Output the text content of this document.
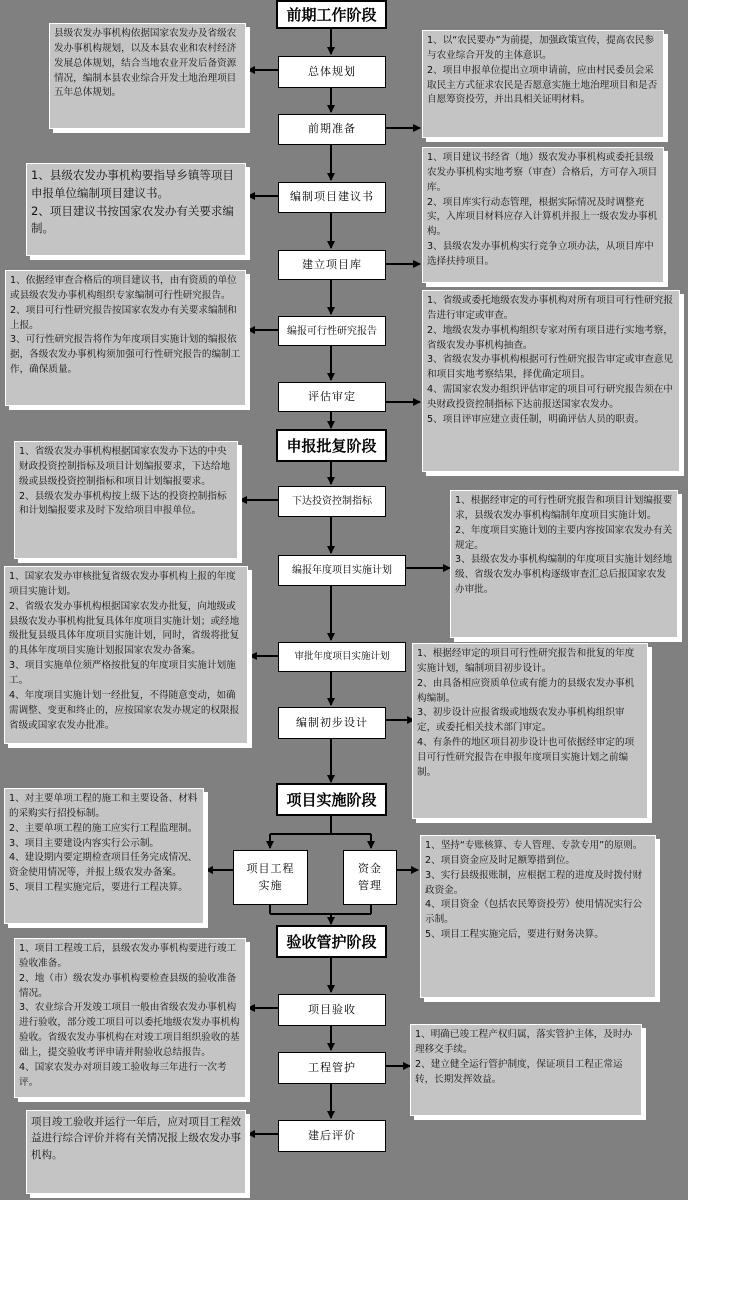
前期工作阶段
申报批复阶段
项目实施阶段
验收管护阶段
总体规划
前期准备
编制项目建议书
建立项目库
编报可行性研究报告
评估审定
下达投资控制指标
编报年度项目实施计划
审批年度项目实施计划
编制初步设计
项目工程实施
资金管理
项目验收
工程管护
建后评价

县级农发办事机构依据国家农发办及省级农发办事机构规划，以及本县农业和农村经济发展总体规划，结合当地农业开发后备资源情况，编制本县农业综合开发土地治理项目五年总体规划。

1、以“农民要办”为前提，加强政策宣传，提高农民参与农业综合开发的主体意识。

2、项目申报单位提出立项申请前，应由村民委员会采取民主方式征求农民是否愿意实施土地治理项目和是否自愿筹资投劳，并出具相关证明材料。

1、县级农发办事机构要指导乡镇等项目申报单位编制项目建议书。

2、项目建议书按国家农发办有关要求编制。

1、项目建议书经省（地）级农发办事机构或委托县级农发办事机构实地考察（审查）合格后，方可存入项目库。

2、项目库实行动态管理，根据实际情况及时调整充实，入库项目材料应存入计算机并报上一级农发办事机构。

3、县级农发办事机构实行竞争立项办法，从项目库中选择扶持项目。

1、依据经审查合格后的项目建议书，由有资质的单位或县级农发办事机构组织专家编制可行性研究报告。

2、项目可行性研究报告按国家农发办有关要求编制和上报。

3、可行性研究报告将作为年度项目实施计划的编报依据，各级农发办事机构须加强可行性研究报告的编制工作，确保质量。

1、省级或委托地级农发办事机构对所有项目可行性研究报告进行审定或审查。

2、地级农发办事机构组织专家对所有项目进行实地考察，省级农发办事机构抽查。

3、省级农发办事机构根据可行性研究报告审定或审查意见和项目实地考察结果，择优确定项目。

4、需国家农发办组织评估审定的项目可行研究报告须在中央财政投资控制指标下达前报送国家农发办。

5、项目评审应建立责任制，明确评估人员的职责。

1、省级农发办事机构根据国家农发办下达的中央财政投资控制指标及项目计划编报要求，下达给地级或县级投资控制指标和项目计划编报要求。

2、县级农发办事机构按上级下达的投资控制指标和计划编报要求及时下发给项目申报单位。

1、根据经审定的可行性研究报告和项目计划编报要求，县级农发办事机构编制年度项目实施计划。

2、年度项目实施计划的主要内容按国家农发办有关规定。

3、县级农发办事机构编制的年度项目实施计划经地级、省级农发办事机构逐级审查汇总后报国家农发办审批。

1、国家农发办审核批复省级农发办事机构上报的年度项目实施计划。

2、省级农发办事机构根据国家农发办批复，向地级或县级农发办事机构批复具体年度项目实施计划；或经地级批复县级具体年度项目实施计划，同时，省级将批复的具体年度项目实施计划报国家农发办备案。

3、项目实施单位须严格按批复的年度项目实施计划施工。

4、年度项目实施计划一经批复，不得随意变动，如确需调整、变更和终止的，应按国家农发办规定的权限报省级或国家农发办批准。

1、根据经审定的项目可行性研究报告和批复的年度实施计划，编制项目初步设计。

2、由具备相应资质单位或有能力的县级农发办事机构编制。

3、初步设计应报省级或地级农发办事机构组织审定，或委托相关技术部门审定。

4、有条件的地区项目初步设计也可依据经审定的项目可行性研究报告在申报年度项目实施计划之前编制。

1、对主要单项工程的施工和主要设备、材料的采购实行招投标制。

2、主要单项工程的施工应实行工程监理制。

3、项目主要建设内容实行公示制。

4、建设期内要定期检查项目任务完成情况、资金使用情况等，并报上级农发办备案。

5、项目工程实施完后，要进行工程决算。

1、坚持“专账核算、专人管理、专款专用”的原则。

2、项目资金应及时足额筹措到位。

3、实行县级报账制，应根据工程的进度及时拨付财政资金。

4、项目资金（包括农民筹资投劳）使用情况实行公示制。

5、项目工程实施完后，要进行财务决算。

1、项目工程竣工后，县级农发办事机构要进行竣工验收准备。

2、地（市）级农发办事机构要检查县级的验收准备情况。

3、农业综合开发竣工项目一般由省级农发办事机构进行验收，部分竣工项目可以委托地级农发办事机构验收。省级农发办事机构在对竣工项目组织验收的基础上，提交验收考评申请并附验收总结报告。

4、国家农发办对项目竣工验收每三年进行一次考评。

1、明确已竣工程产权归属，落实管护主体，及时办理移交手续。

2、建立健全运行管护制度，保证项目工程正常运转，长期发挥效益。

项目竣工验收并运行一年后，应对项目工程效益进行综合评价并将有关情况报上级农发办事机构。
